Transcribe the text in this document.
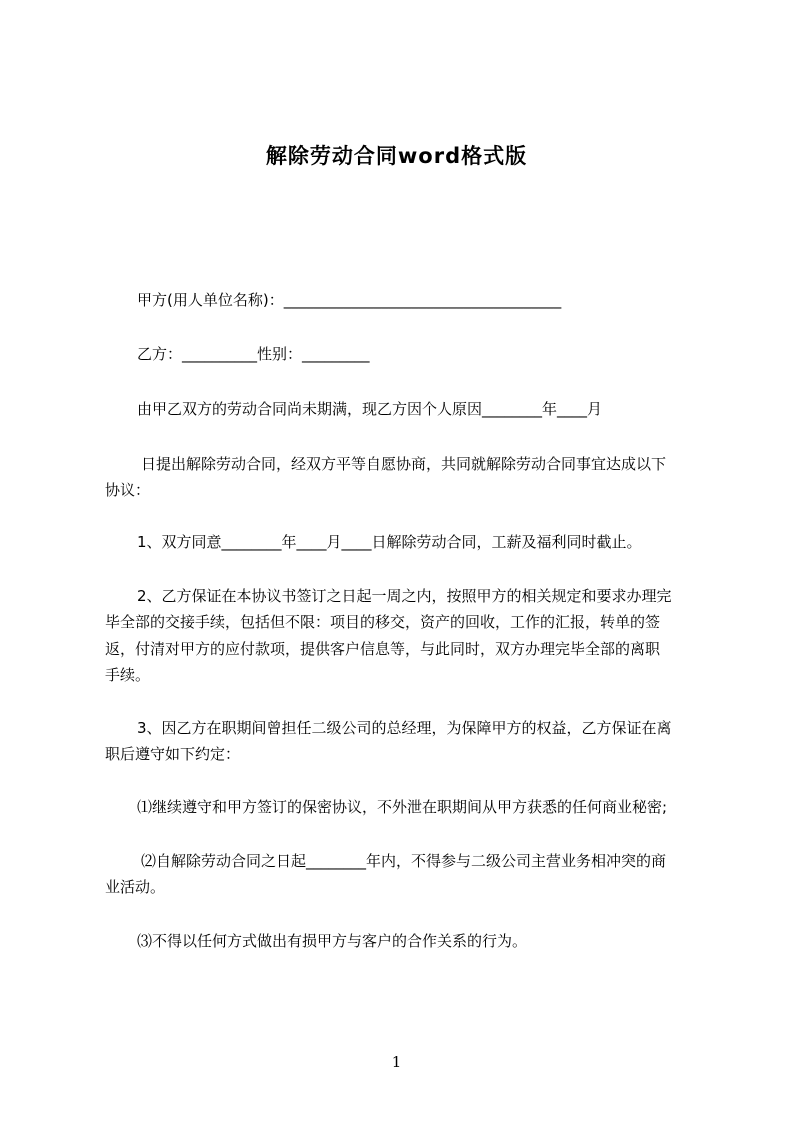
解除劳动合同word格式版
甲方(用人单位名称)：_____________________________________
乙方：__________性别：_________
由甲乙双方的劳动合同尚未期满，现乙方因个人原因________年____月
日提出解除劳动合同，经双方平等自愿协商，共同就解除劳动合同事宜达成以下
协议：
1、双方同意________年____月____日解除劳动合同，工薪及福利同时截止。
2、乙方保证在本协议书签订之日起一周之内，按照甲方的相关规定和要求办理完
毕全部的交接手续，包括但不限：项目的移交，资产的回收，工作的汇报，转单的签
返，付清对甲方的应付款项，提供客户信息等，与此同时，双方办理完毕全部的离职
手续。
3、因乙方在职期间曾担任二级公司的总经理，为保障甲方的权益，乙方保证在离
职后遵守如下约定：
⑴继续遵守和甲方签订的保密协议，不外泄在职期间从甲方获悉的任何商业秘密;
⑵自解除劳动合同之日起________年内，不得参与二级公司主营业务相冲突的商
业活动。
⑶不得以任何方式做出有损甲方与客户的合作关系的行为。
1
